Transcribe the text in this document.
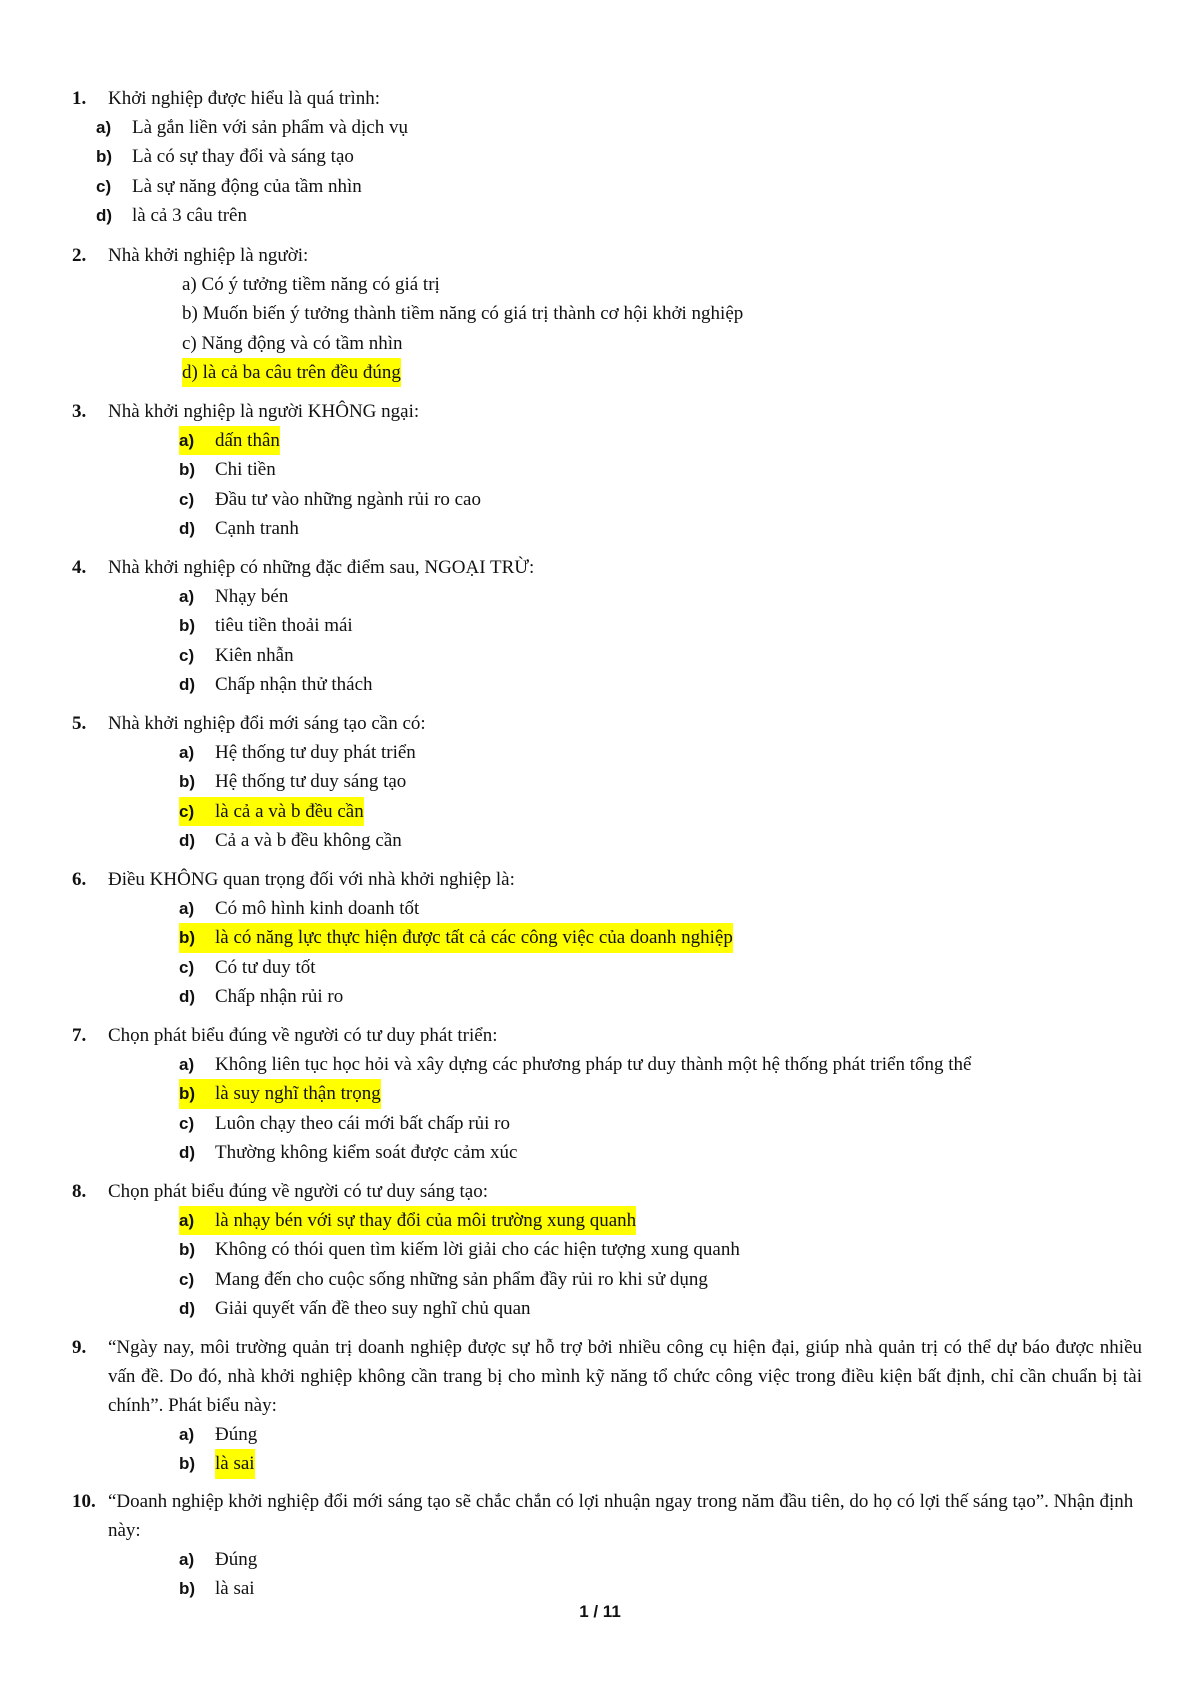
1.	Khởi nghiệp được hiểu là quá trình:
a)	Là gắn liền với sản phẩm và dịch vụ
b)	Là có sự thay đổi và sáng tạo
c)	Là sự năng động của tầm nhìn
d)	là cả 3 câu trên
2.	Nhà khởi nghiệp là người:
a)
Có ý tưởng tiềm năng có giá trị
b)
Muốn biến ý tưởng thành tiềm năng có giá trị thành cơ hội khởi nghiệp
c)
Năng động và có tầm nhìn
d) là cả ba câu trên đều đúng
3.	Nhà khởi nghiệp là người KHÔNG ngại:
a)	dấn thân
b)	Chi tiền
c)	Đầu tư vào những ngành rủi ro cao
d)	Cạnh tranh
4.	Nhà khởi nghiệp có những đặc điểm sau, NGOẠI TRỪ:
a)	Nhạy bén
b)	tiêu tiền thoải mái
c)	Kiên nhẫn
d)	Chấp nhận thử thách
5.	Nhà khởi nghiệp đổi mới sáng tạo cần có:
a)	Hệ thống tư duy phát triển
b)	Hệ thống tư duy sáng tạo
c)	là cả a và b đều cần
d)	Cả a và b đều không cần
6.	Điều KHÔNG quan trọng đối với nhà khởi nghiệp là:
a)	Có mô hình kinh doanh tốt
b)	là có năng lực thực hiện được tất cả các công việc của doanh nghiệp
c)	Có tư duy tốt
d)	Chấp nhận rủi ro
7.	Chọn phát biểu đúng về người có tư duy phát triển:
a)	Không liên tục học hỏi và xây dựng các phương pháp tư duy thành một hệ thống phát triển tổng thể
b)	là suy nghĩ thận trọng
c)	Luôn chạy theo cái mới bất chấp rủi ro
d)	Thường không kiểm soát được cảm xúc
8.	Chọn phát biểu đúng về người có tư duy sáng tạo:
a)	là nhạy bén với sự thay đổi của môi trường xung quanh
b)	Không có thói quen tìm kiếm lời giải cho các hiện tượng xung quanh
c)	Mang đến cho cuộc sống những sản phẩm đầy rủi ro khi sử dụng
d)	Giải quyết vấn đề theo suy nghĩ chủ quan
9.	“Ngày nay, môi trường quản trị doanh nghiệp được sự hỗ trợ bởi nhiều công cụ hiện đại, giúp nhà quản trị có thể dự báo được nhiều vấn đề. Do đó, nhà khởi nghiệp không cần trang bị cho mình kỹ năng tổ chức công việc trong điều kiện bất định, chỉ cần chuẩn bị tài chính”. Phát biểu này:
a)	Đúng
b)	là sai
10. “Doanh nghiệp khởi nghiệp đổi mới sáng tạo sẽ chắc chắn có lợi nhuận ngay trong năm đầu tiên, do họ có lợi thế sáng tạo”. Nhận định này:
a)	Đúng
b)	là sai
1 / 11
